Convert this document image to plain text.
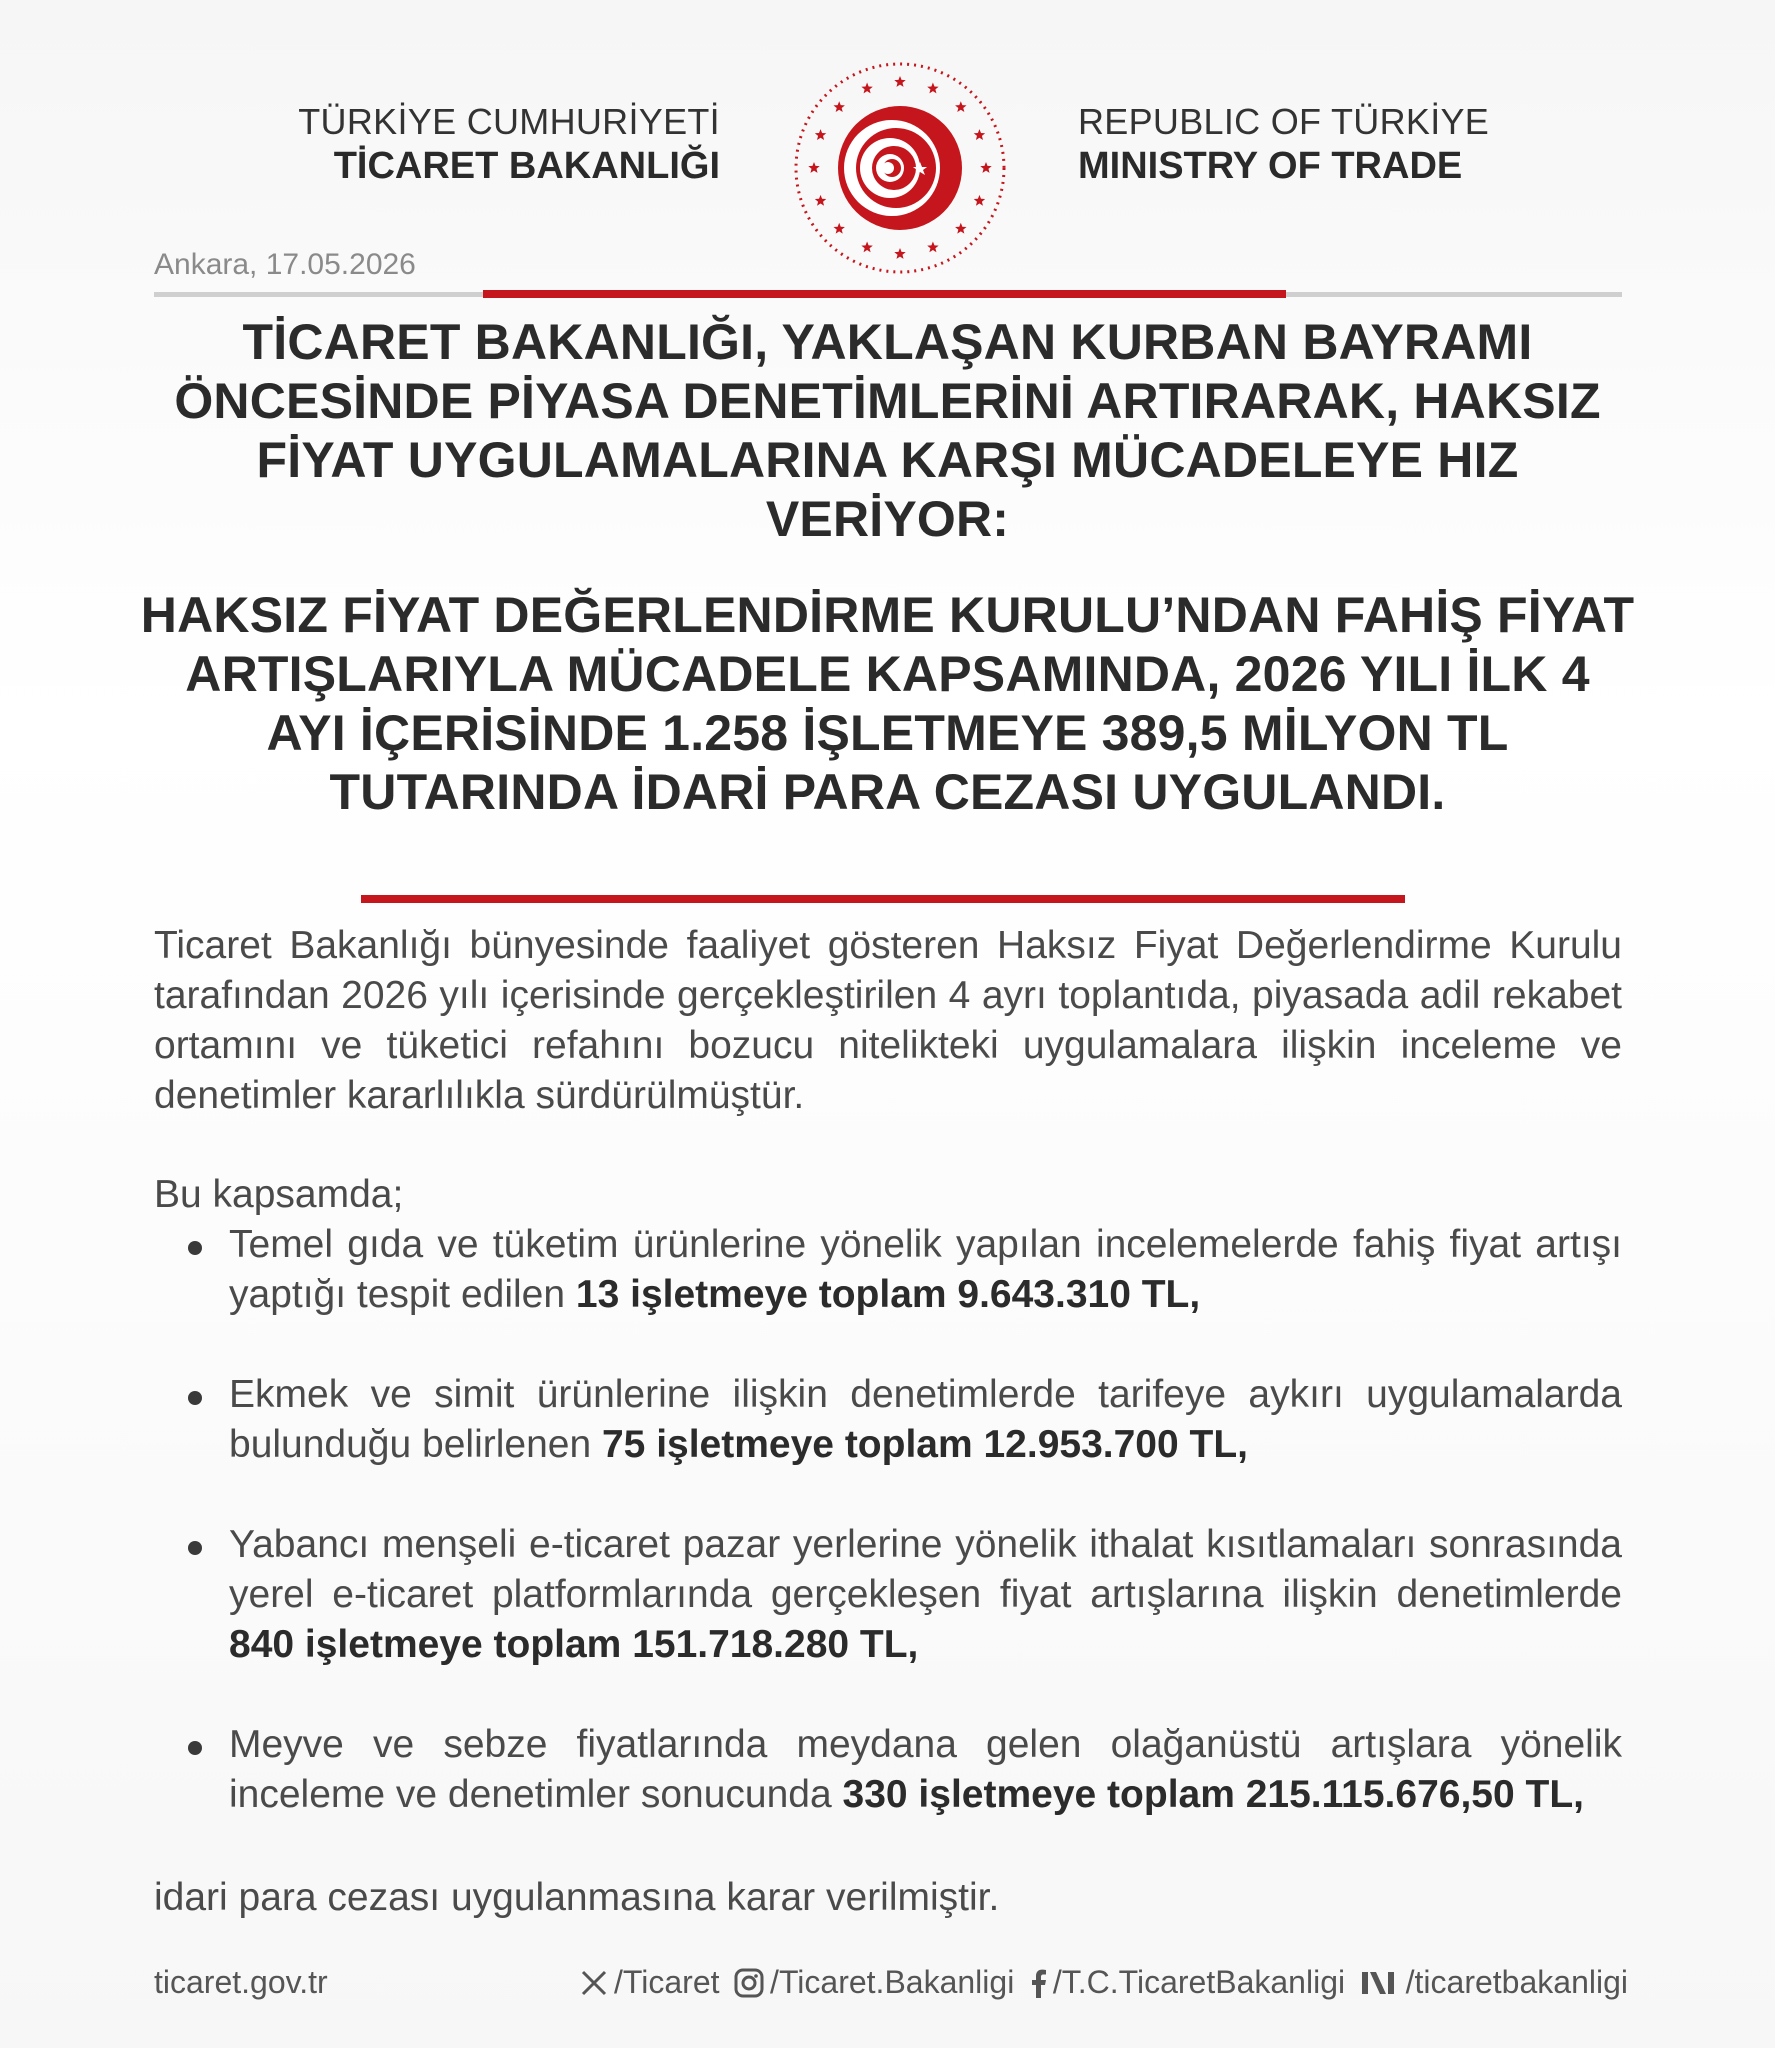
TÜRKİYE CUMHURİYETİ
TİCARET BAKANLIĞI
REPUBLIC OF TÜRKİYE
MINISTRY OF TRADE
Ankara, 17.05.2026
TİCARET BAKANLIĞI, YAKLAŞAN KURBAN BAYRAMI ÖNCESİNDE PİYASA DENETİMLERİNİ ARTIRARAK, HAKSIZ FİYAT UYGULAMALARINA KARŞI MÜCADELEYE HIZ VERİYOR:
HAKSIZ FİYAT DEĞERLENDİRME KURULU’NDAN FAHİŞ FİYAT ARTIŞLARIYLA MÜCADELE KAPSAMINDA, 2026 YILI İLK 4 AYI İÇERİSİNDE 1.258 İŞLETMEYE 389,5 MİLYON TL TUTARINDA İDARİ PARA CEZASI UYGULANDI.
Ticaret Bakanlığı bünyesinde faaliyet gösteren Haksız Fiyat Değerlendirme Kurulu tarafından 2026 yılı içerisinde gerçekleştirilen 4 ayrı toplantıda, piyasada adil rekabet ortamını ve tüketici refahını bozucu nitelikteki uygulamalara ilişkin inceleme ve denetimler kararlılıkla sürdürülmüştür.
Bu kapsamda;
Temel gıda ve tüketim ürünlerine yönelik yapılan incelemelerde fahiş fiyat artışı yaptığı tespit edilen 13 işletmeye toplam 9.643.310 TL,
Ekmek ve simit ürünlerine ilişkin denetimlerde tarifeye aykırı uygulamalarda bulunduğu belirlenen 75 işletmeye toplam 12.953.700 TL,
Yabancı menşeli e-ticaret pazar yerlerine yönelik ithalat kısıtlamaları sonrasında yerel e-ticaret platformlarında gerçekleşen fiyat artışlarına ilişkin denetimlerde 840 işletmeye toplam 151.718.280 TL,
Meyve ve sebze fiyatlarında meydana gelen olağanüstü artışlara yönelik inceleme ve denetimler sonucunda 330 işletmeye toplam 215.115.676,50 TL,
idari para cezası uygulanmasına karar verilmiştir.
ticaret.gov.tr	/Ticaret /Ticaret.Bakanligi /T.C.TicaretBakanligi /ticaretbakanligi
